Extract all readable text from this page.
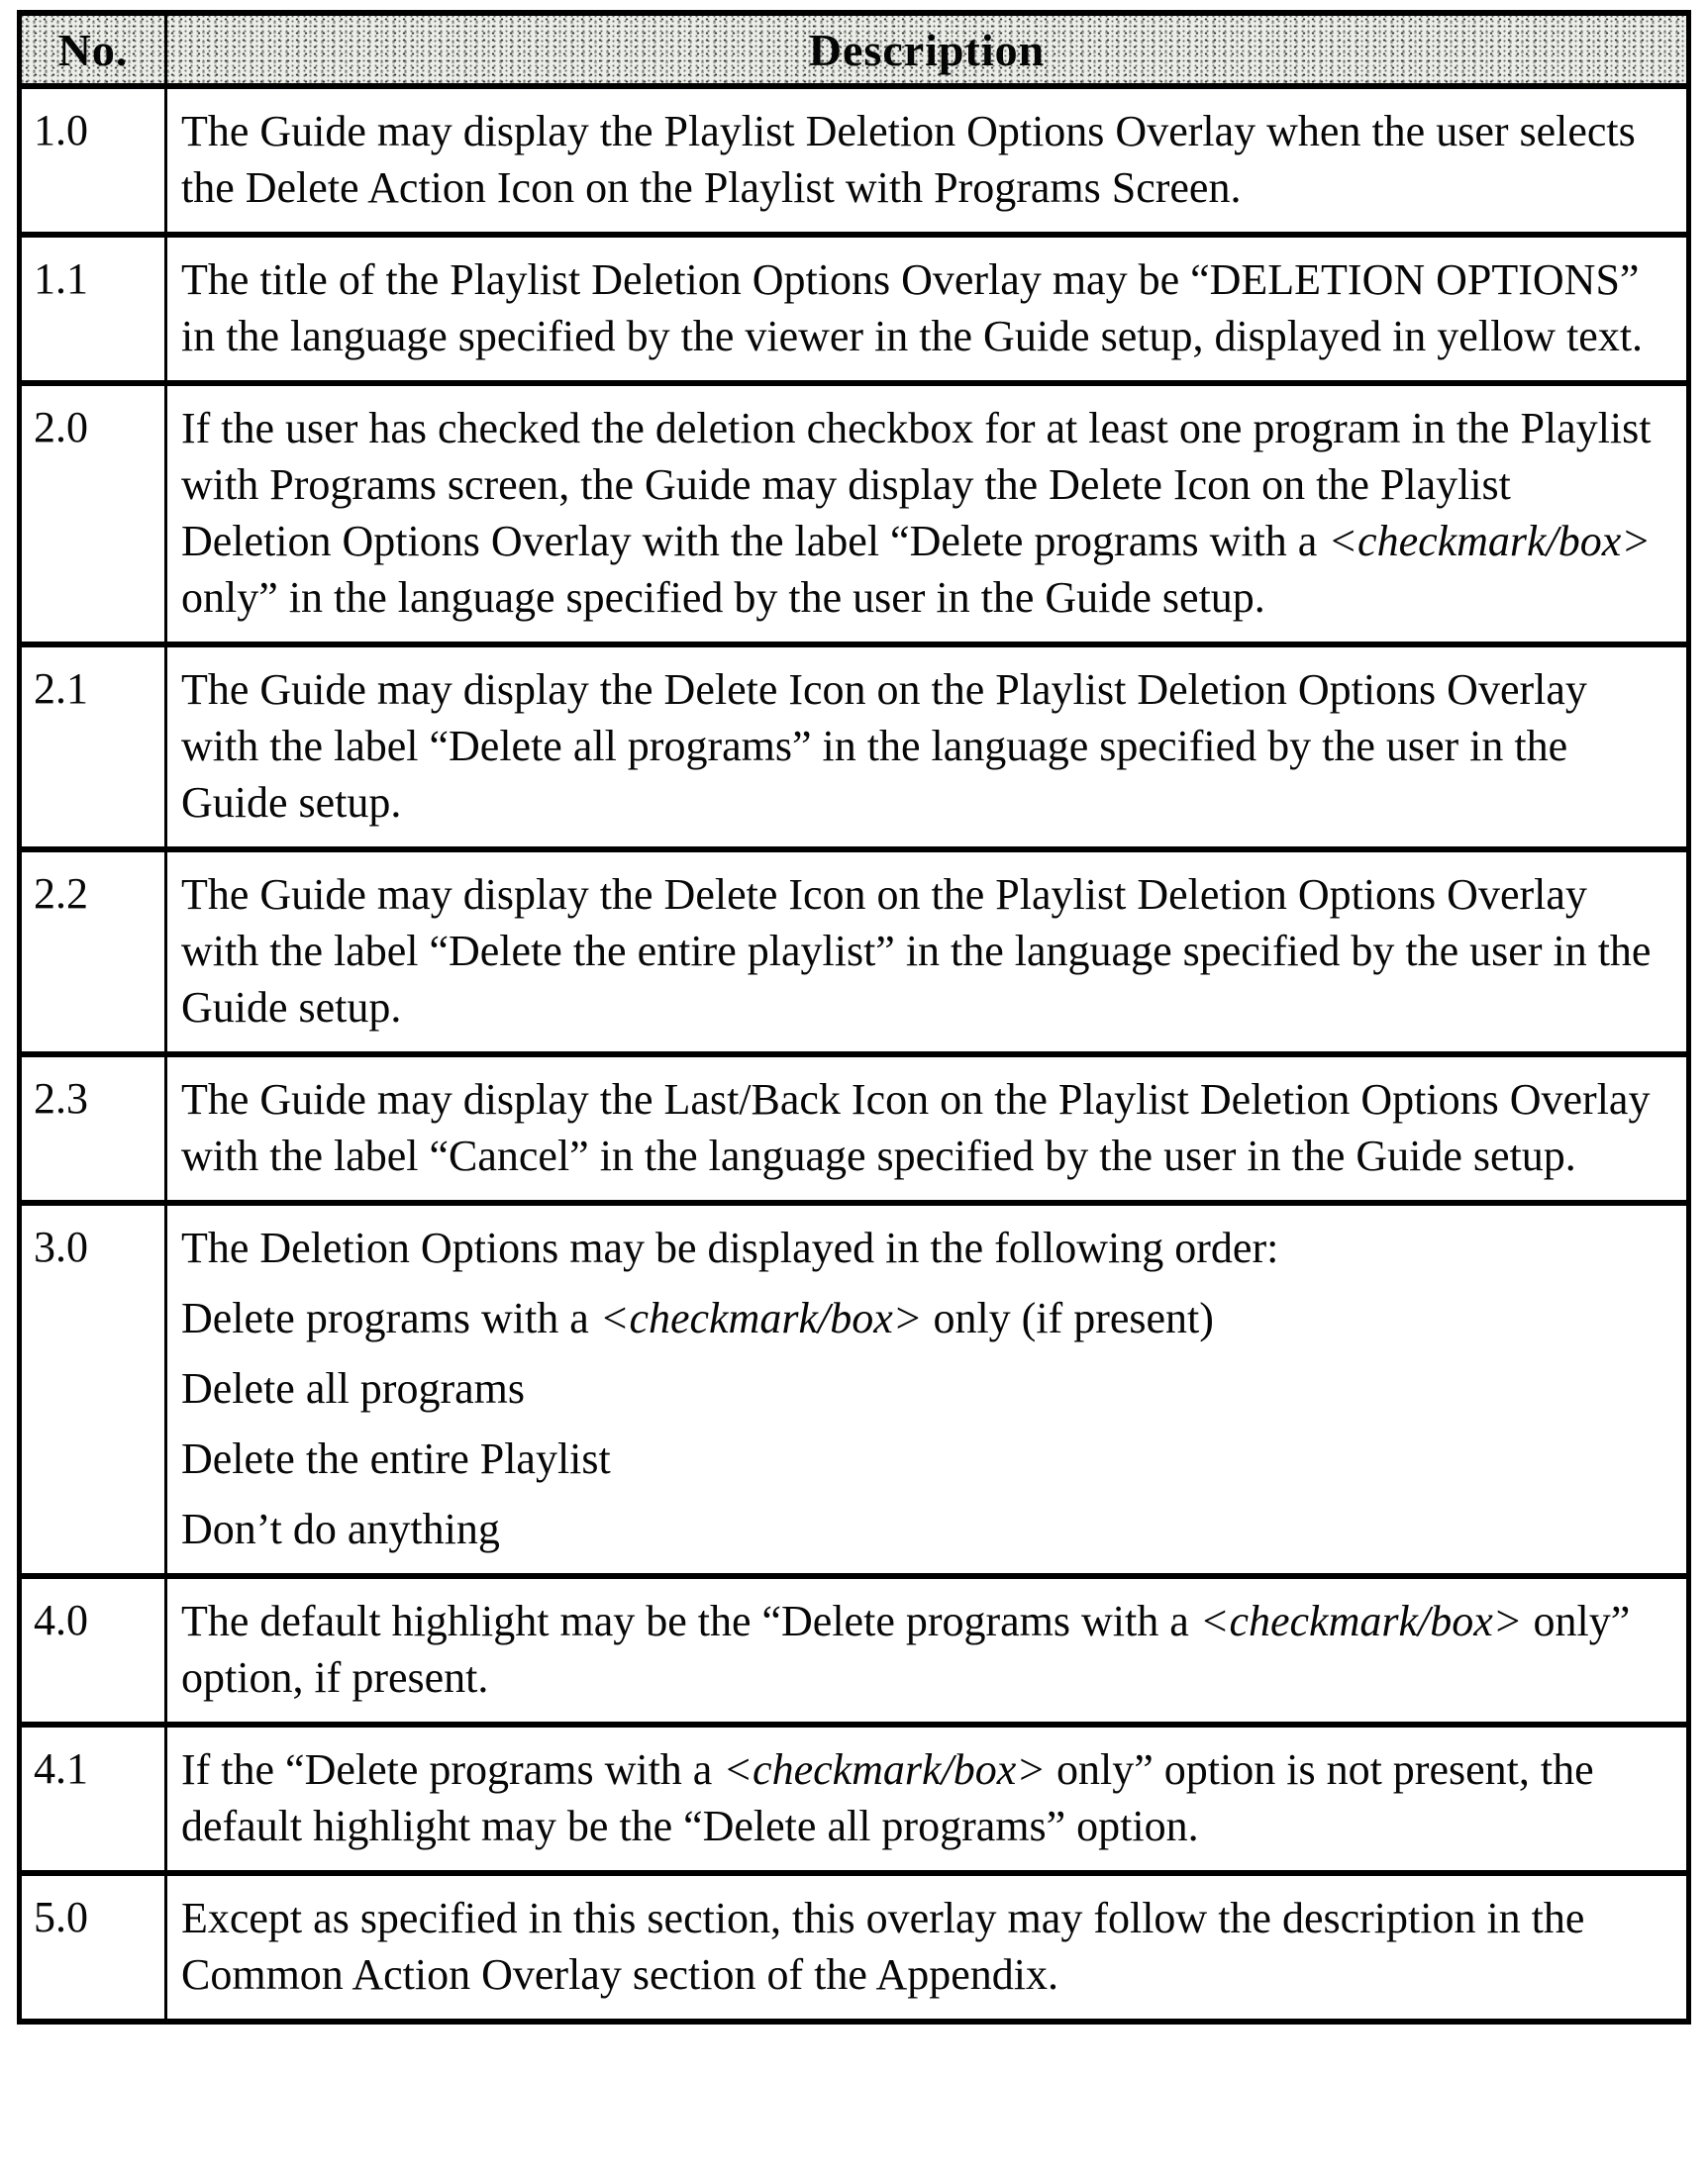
No.	Description
1.0	The Guide may display the Playlist Deletion Options Overlay when the user selects the Delete Action Icon on the Playlist with Programs Screen.

1.1	The title of the Playlist Deletion Options Overlay may be “DELETION OPTIONS” in the language specified by the viewer in the Guide setup, displayed in yellow text.

2.0	If the user has checked the deletion checkbox for at least one program in the Playlist with Programs screen, the Guide may display the Delete Icon on the Playlist Deletion Options Overlay with the label “Delete programs with a <checkmark/box> only” in the language specified by the user in the Guide setup.

2.1	The Guide may display the Delete Icon on the Playlist Deletion Options Overlay with the label “Delete all programs” in the language specified by the user in the Guide setup.

2.2	The Guide may display the Delete Icon on the Playlist Deletion Options Overlay with the label “Delete the entire playlist” in the language specified by the user in the Guide setup.

2.3	The Guide may display the Last/Back Icon on the Playlist Deletion Options Overlay with the label “Cancel” in the language specified by the user in the Guide setup.

3.0	The Deletion Options may be displayed in the following order:

Delete programs with a <checkmark/box> only (if present)

Delete all programs

Delete the entire Playlist

Don’t do anything

4.0	The default highlight may be the “Delete programs with a <checkmark/box> only” option, if present.

4.1	If the “Delete programs with a <checkmark/box> only” option is not present, the default highlight may be the “Delete all programs” option.

5.0	Except as specified in this section, this overlay may follow the description in the Common Action Overlay section of the Appendix.
